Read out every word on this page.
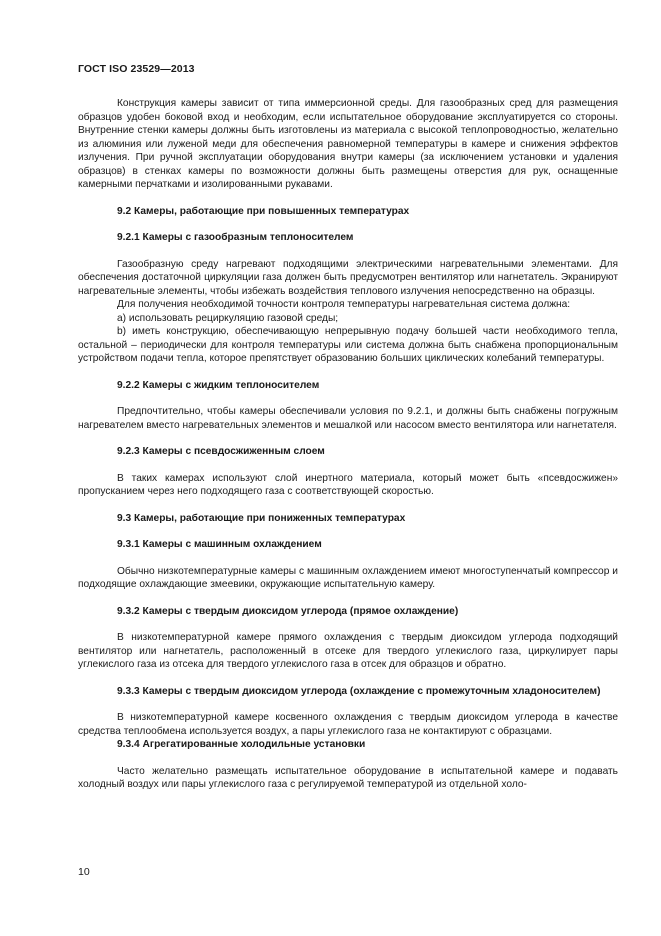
ГОСТ ISO 23529—2013

Конструкция камеры зависит от типа иммерсионной среды. Для газообразных сред для размещения образцов удобен боковой вход и необходим, если испытательное оборудование эксплуатируется со стороны. Внутренние стенки камеры должны быть изготовлены из материала с высокой теплопроводностью, желательно из алюминия или луженой меди для обеспечения равномерной температуры в камере и снижения эффектов излучения. При ручной эксплуатации оборудования внутри камеры (за исключением установки и удаления образцов) в стенках камеры по возможности должны быть размещены отверстия для рук, оснащенные камерными перчатками и изолированными рукавами.

9.2 Камеры, работающие при повышенных температурах
9.2.1 Камеры с газообразным теплоносителем

Газообразную среду нагревают подходящими электрическими нагревательными элементами. Для обеспечения достаточной циркуляции газа должен быть предусмотрен вентилятор или нагнетатель. Экранируют нагревательные элементы, чтобы избежать воздействия теплового излучения непосредственно на образцы.

Для получения необходимой точности контроля температуры нагревательная система должна:

а) использовать рециркуляцию газовой среды;

b) иметь конструкцию, обеспечивающую непрерывную подачу большей части необходимого тепла, остальной – периодически для контроля температуры или система должна быть снабжена пропорциональным устройством подачи тепла, которое препятствует образованию больших циклических колебаний температуры.

9.2.2 Камеры с жидким теплоносителем

Предпочтительно, чтобы камеры обеспечивали условия по 9.2.1, и должны быть снабжены погружным нагревателем вместо нагревательных элементов и мешалкой или насосом вместо вентилятора или нагнетателя.

9.2.3 Камеры с псевдосжиженным слоем

В таких камерах используют слой инертного материала, который может быть «псевдосжижен» пропусканием через него подходящего газа с соответствующей скоростью.

9.3 Камеры, работающие при пониженных температурах
9.3.1 Камеры с машинным охлаждением

Обычно низкотемпературные камеры с машинным охлаждением имеют многоступенчатый компрессор и подходящие охлаждающие змеевики, окружающие испытательную камеру.

9.3.2 Камеры с твердым диоксидом углерода (прямое охлаждение)

В низкотемпературной камере прямого охлаждения с твердым диоксидом углерода подходящий вентилятор или нагнетатель, расположенный в отсеке для твердого углекислого газа, циркулирует пары углекислого газа из отсека для твердого углекислого газа в отсек для образцов и обратно.

9.3.3 Камеры с твердым диоксидом углерода (охлаждение с промежуточным хладоносителем)

В низкотемпературной камере косвенного охлаждения с твердым диоксидом углерода в качестве средства теплообмена используется воздух, а пары углекислого газа не контактируют с образцами.

9.3.4 Агрегатированные холодильные установки

Часто желательно размещать испытательное оборудование в испытательной камере и подавать холодный воздух или пары углекислого газа с регулируемой температурой из отдельной холо-

10
